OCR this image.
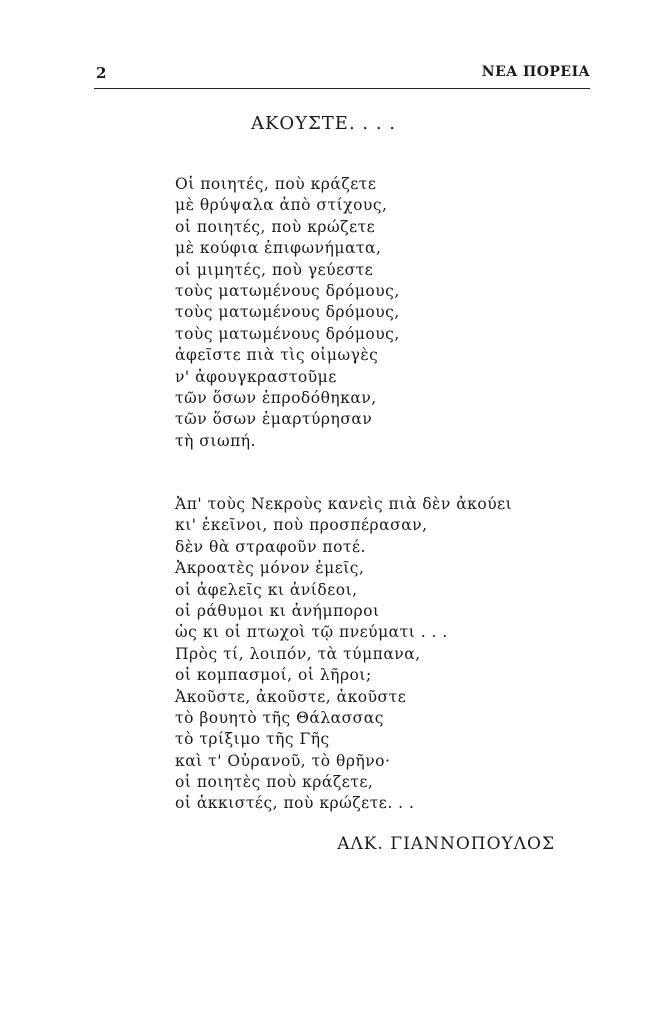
2	ΝΕΑ ΠΟΡΕΙΑ
ΑΚΟΥΣΤΕ. . . .
Οἱ ποιητές, ποὺ κράζετε
μὲ θρύψαλα ἀπὸ στίχους,
οἱ ποιητές, ποὺ κρώζετε
μὲ κούφια ἐπιφωνήματα,
οἱ μιμητές, ποὺ γεύεστε
τοὺς ματωμένους δρόμους,
τοὺς ματωμένους δρόμους,
τοὺς ματωμένους δρόμους,
ἀφεῖστε πιὰ τὶς οἰμωγὲς
ν' ἀφουγκραστοῦμε
τῶν ὅσων ἐπροδόθηκαν,
τῶν ὅσων ἐμαρτύρησαν
τὴ σιωπή.
Ἀπ' τοὺς Νεκροὺς κανεὶς πιὰ δὲν ἀκούει
κι' ἐκεῖνοι, ποὺ προσπέρασαν,
δὲν θὰ στραφοῦν ποτέ.
Ἀκροατὲς μόνον ἐμεῖς,
οἱ ἀφελεῖς κι ἀνίδεοι,
οἱ ράθυμοι κι ἀνήμποροι
ὡς κι οἱ πτωχοὶ τῷ πνεύματι . . .
Πρὸς τί, λοιπόν, τὰ τύμπανα,
οἱ κομπασμοί, οἱ λῆροι;
Ἀκοῦστε, ἀκοῦστε, ἀκοῦστε
τὸ βουητὸ τῆς Θάλασσας
τὸ τρίξιμο τῆς Γῆς
καὶ τ' Οὐρανοῦ, τὸ θρῆνο·
οἱ ποιητὲς ποὺ κράζετε,
οἱ ἀκκιστές, ποὺ κρώζετε. . .
ΑΛΚ. ΓΙΑΝΝΟΠΟΥΛΟΣ
